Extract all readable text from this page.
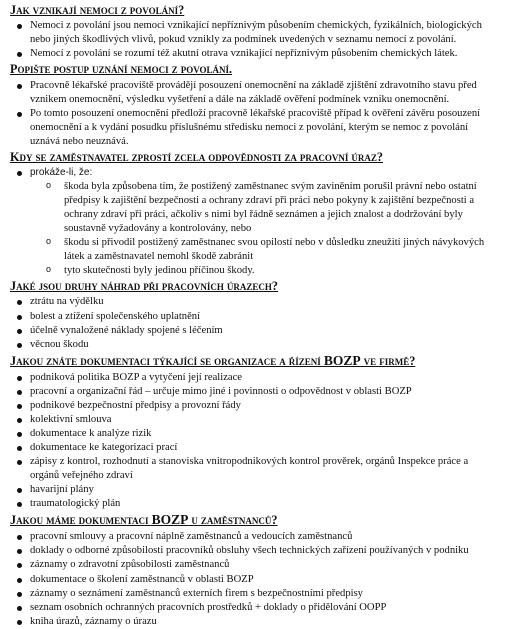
Jak vznikají nemoci z povolání?
Nemoci z povolání jsou nemoci vznikající nepříznivým působením chemických, fyzikálních, biologických nebo jiných škodlivých vlivů, pokud vznikly za podmínek uvedených v seznamu nemocí z povolání.
Nemocí z povolání se rozumí též akutní otrava vznikající nepříznivým působením chemických látek.
Popište postup uznání nemoci z povolání.
Pracovně lékařské pracoviště provádějí posouzení onemocnění na základě zjištění zdravotního stavu před vznikem onemocnění, výsledku vyšetření a dále na základě ověření podmínek vzniku onemocnění.
Po tomto posouzení onemocnění předloží pracovně lékařské pracoviště případ k ověření závěru posouzení onemocnění a k vydání posudku příslušnému středisku nemoci z povolání, kterým se nemoc z povolání uznává nebo neuznává.
Kdy se zaměstnavatel zprostí zcela odpovědnosti za pracovní úraz?
prokáže-li, že:
o škoda byla způsobena tím, že postižený zaměstnanec svým zaviněním porušil právní nebo ostatní předpisy k zajištění bezpečnosti a ochrany zdraví při práci nebo pokyny k zajištění bezpečnosti a ochrany zdraví při práci, ačkoliv s nimi byl řádně seznámen a jejich znalost a dodržování byly soustavně vyžadovány a kontrolovány, nebo
o škodu si přivodil postižený zaměstnanec svou opilostí nebo v důsledku zneužití jiných návykových látek a zaměstnavatel nemohl škodě zabránit
o tyto skutečnosti byly jedinou příčinou škody.
Jaké jsou druhy náhrad při pracovních úrazech?
ztrátu na výdělku
bolest a ztížení společenského uplatnění
účelně vynaložené náklady spojené s léčením
věcnou škodu
Jakou znáte dokumentaci týkající se organizace a řízení BOZP ve firmě?
podniková politika BOZP a vytyčení její realizace
pracovní a organizační řád – určuje mimo jiné i povinnosti o odpovědnost v oblasti BOZP
podnikové bezpečnostní předpisy a provozní řády
kolektivní smlouva
dokumentace k analýze rizik
dokumentace ke kategorizaci prací
zápisy z kontrol, rozhodnutí a stanoviska vnitropodnikových kontrol prověrek, orgánů Inspekce práce a orgánů veřejného zdraví
havarijní plány
traumatologický plán
Jakou máme dokumentaci BOZP u zaměstnanců?
pracovní smlouvy a pracovní náplně zaměstnanců a vedoucích zaměstnanců
doklady o odborné způsobilosti pracovníků obsluhy všech technických zařízení používaných v podniku
záznamy o zdravotní způsobilosti zaměstnanců
dokumentace o školení zaměstnanců v oblasti BOZP
záznamy o seznámení zaměstnanců externích firem s bezpečnostními předpisy
seznam osobních ochranných pracovních prostředků + doklady o přidělování OOPP
kniha úrazů, záznamy o úrazu
